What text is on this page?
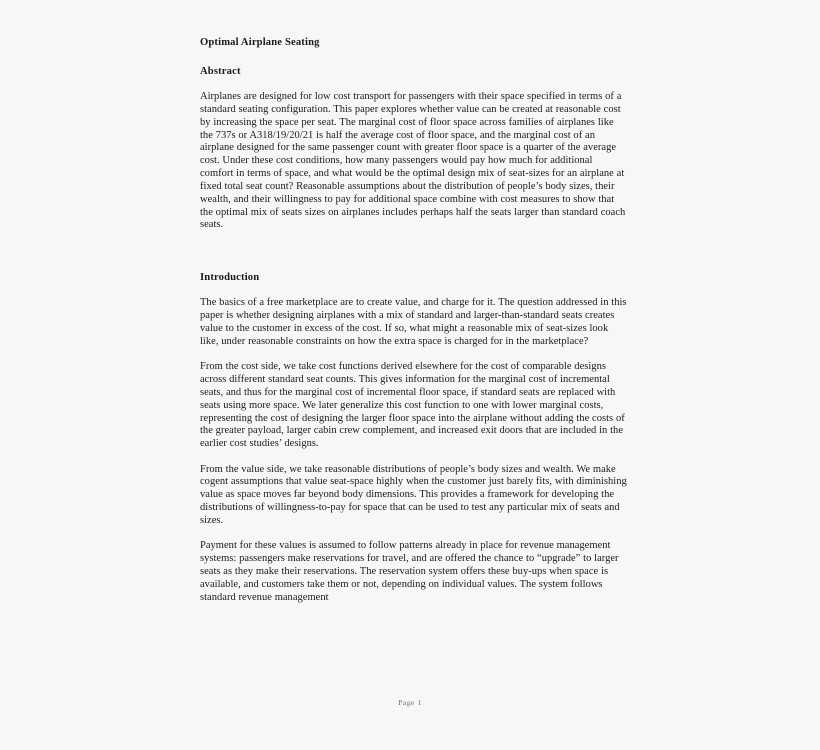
Optimal Airplane Seating
Abstract

Airplanes are designed for low cost transport for passengers with their space specified in terms of a standard seating configuration. This paper explores whether value can be created at reasonable cost by increasing the space per seat. The marginal cost of floor space across families of airplanes like the 737s or A318/19/20/21 is half the average cost of floor space, and the marginal cost of an airplane designed for the same passenger count with greater floor space is a quarter of the average cost. Under these cost conditions, how many passengers would pay how much for additional comfort in terms of space, and what would be the optimal design mix of seat-sizes for an airplane at fixed total seat count? Reasonable assumptions about the distribution of people’s body sizes, their wealth, and their willingness to pay for additional space combine with cost measures to show that the optimal mix of seats sizes on airplanes includes perhaps half the seats larger than standard coach seats.

Introduction

The basics of a free marketplace are to create value, and charge for it. The question addressed in this paper is whether designing airplanes with a mix of standard and larger-than-standard seats creates value to the customer in excess of the cost. If so, what might a reasonable mix of seat-sizes look like, under reasonable constraints on how the extra space is charged for in the marketplace?

From the cost side, we take cost functions derived elsewhere for the cost of comparable designs across different standard seat counts. This gives information for the marginal cost of incremental seats, and thus for the marginal cost of incremental floor space, if standard seats are replaced with seats using more space. We later generalize this cost function to one with lower marginal costs, representing the cost of designing the larger floor space into the airplane without adding the costs of the greater payload, larger cabin crew complement, and increased exit doors that are included in the earlier cost studies’ designs.

From the value side, we take reasonable distributions of people’s body sizes and wealth. We make cogent assumptions that value seat-space highly when the customer just barely fits, with diminishing value as space moves far beyond body dimensions. This provides a framework for developing the distributions of willingness-to-pay for space that can be used to test any particular mix of seats and sizes.

Payment for these values is assumed to follow patterns already in place for revenue management systems: passengers make reservations for travel, and are offered the chance to “upgrade” to larger seats as they make their reservations. The reservation system offers these buy-ups when space is available, and customers take them or not, depending on individual values. The system follows standard revenue management

Page 1
